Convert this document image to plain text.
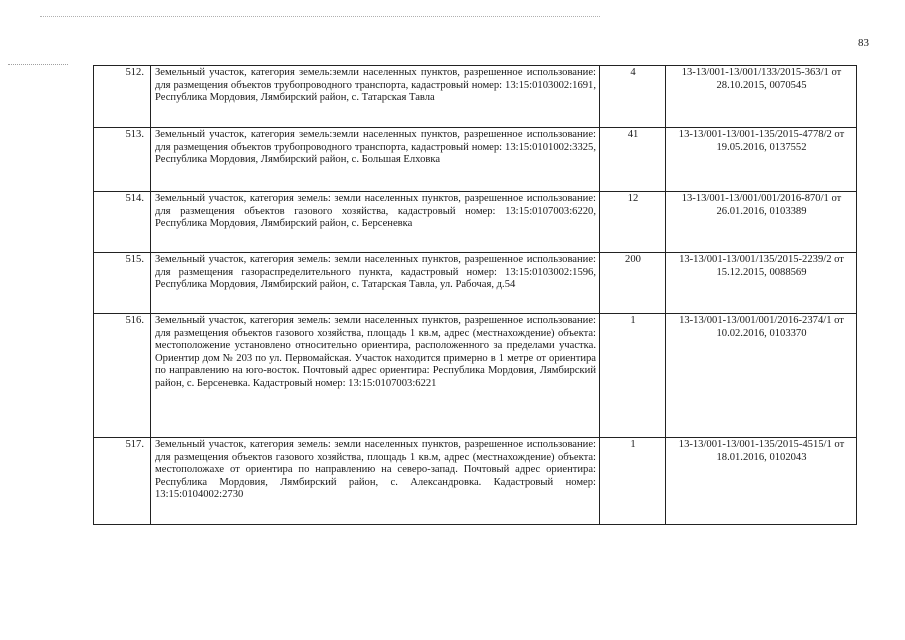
83
512.	Земельный участок, категория земель:земли населенных пунктов, разрешенное использование: для размещения объектов трубопроводного транспорта, кадастровый номер: 13:15:0103002:1691, Республика Мордовия, Лямбирский район, с. Татарская Тавла	4	13-13/001-13/001/133/2015-363/1 от 28.10.2015, 0070545
513.	Земельный участок, категория земель:земли населенных пунктов, разрешенное использование: для размещения объектов трубопроводного транспорта, кадастровый номер: 13:15:0101002:3325, Республика Мордовия, Лямбирский район, с. Большая Елховка	41	13-13/001-13/001-135/2015-4778/2 от 19.05.2016, 0137552
514.	Земельный участок, категория земель: земли населенных пунктов, разрешенное использование: для размещения объектов газового хозяйства, кадастровый номер: 13:15:0107003:6220, Республика Мордовия, Лямбирский район, с. Берсеневка	12	13-13/001-13/001/001/2016-870/1 от 26.01.2016, 0103389
515.	Земельный участок, категория земель: земли населенных пунктов, разрешенное использование: для размещения газораспределительного пункта, кадастровый номер: 13:15:0103002:1596, Республика Мордовия, Лямбирский район, с. Татарская Тавла, ул. Рабочая, д.54	200	13-13/001-13/001/135/2015-2239/2 от 15.12.2015, 0088569
516.	Земельный участок, категория земель: земли населенных пунктов, разрешенное использование: для размещения объектов газового хозяйства, площадь 1 кв.м, адрес (местнахождение) объекта: местоположение установлено относительно ориентира, расположенного за пределами участка. Ориентир дом № 203 по ул. Первомайская. Участок находится примерно в 1 метре от ориентира по направлению на юго-восток. Почтовый адрес ориентира: Республика Мордовия, Лямбирский район, с. Берсеневка. Кадастровый номер: 13:15:0107003:6221	1	13-13/001-13/001/001/2016-2374/1 от 10.02.2016, 0103370
517.	Земельный участок, категория земель: земли населенных пунктов, разрешенное использование: для размещения объектов газового хозяйства, площадь 1 кв.м, адрес (местнахождение) объекта: местоположахе от ориентира по направлению на северо-запад. Почтовый адрес ориентира: Республика Мордовия, Лямбирский район, с. Александровка. Кадастровый номер: 13:15:0104002:2730	1	13-13/001-13/001-135/2015-4515/1 от 18.01.2016, 0102043
